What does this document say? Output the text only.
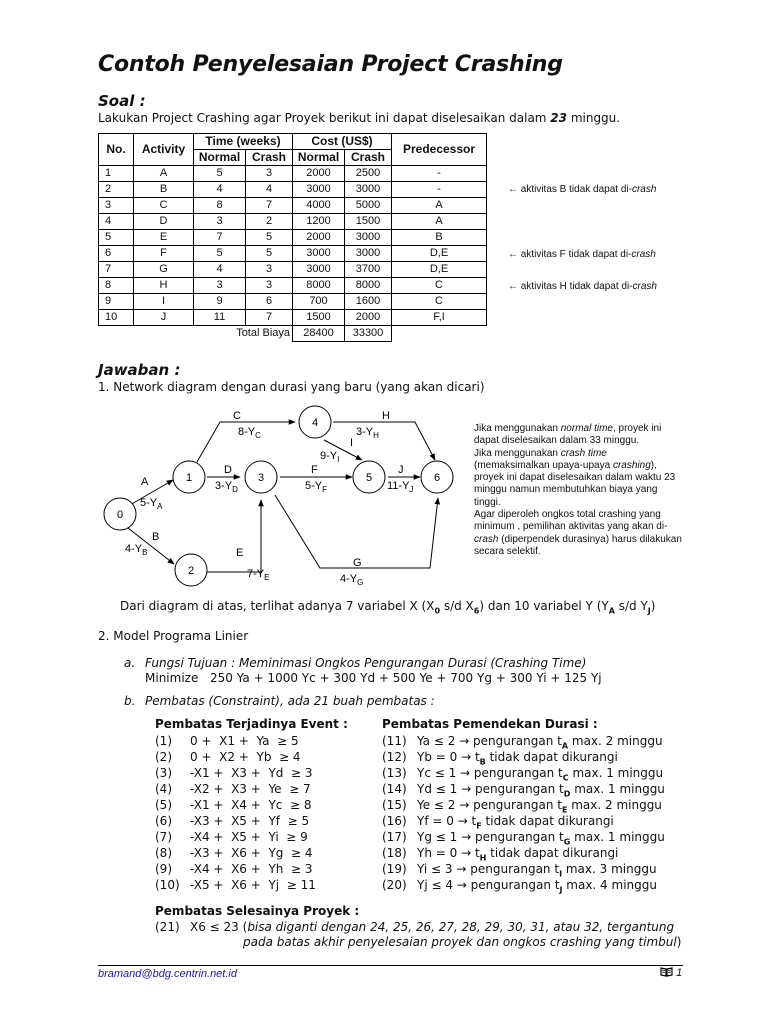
Contoh Penyelesaian Project Crashing
Soal :
Lakukan Project Crashing agar Proyek berikut ini dapat diselesaikan dalam 23 minggu.
No.	Activity	Time (weeks)		Cost (US$)		Predecessor
		Normal	Crash	Normal	Crash	
1	A	5	3	2000	2500	-
2	B	4	4	3000	3000	-
3	C	8	7	4000	5000	A
4	D	3	2	1200	1500	A
5	E	7	5	2000	3000	B
6	F	5	5	3000	3000	D,E
7	G	4	3	3000	3700	D,E
8	H	3	3	8000	8000	C
9	I	9	6	700	1600	C
10	J	11	7	1500	2000	F,I
		Total Biaya		28400	33300	
← aktivitas B tidak dapat di-crash
← aktivitas F tidak dapat di-crash
← aktivitas H tidak dapat di-crash
Jawaban :
1. Network diagram dengan durasi yang baru (yang akan dicari)
0
1
2
3
4
5	6
A
B
C
D
E
F
G
H
I
J
$5-Y_A$
$4-Y_B$
$8-Y_C$
$3-Y_D$
$7-Y_E$
$5-Y_F$
$4-Y_G$
$3-Y_H$
$9-Y_I$
$11-Y_J$
Jika menggunakan normal time, proyek ini dapat diselesaikan dalam 33 minggu.
Jika menggunakan crash time (memaksimalkan upaya-upaya crashing), proyek ini dapat diselesaikan dalam waktu 23 minggu namun membutuhkan biaya yang tinggi.
Agar diperoleh ongkos total crashing yang minimum , pemilihan aktivitas yang akan di-crash (diperpendek durasinya) harus dilakukan secara selektif.
Dari diagram di atas, terlihat adanya 7 variabel X ($X_0$ s/d $X_6$) dan 10 variabel Y ($Y_A$ s/d $Y_J$)
2. Model Programa Linier
a. Fungsi Tujuan : Meminimasi Ongkos Pengurangan Durasi (Crashing Time)
Minimize 250 Ya + 1000 Yc + 300 Yd + 500 Ye + 700 Yg + 300 Yi + 125 Yj
b. Pembatas (Constraint), ada 21 buah pembatas :
Pembatas Terjadinya Event :	Pembatas Pemendekan Durasi :
(1) 0 +  X1 +  Ya  ≥ 5
(2) 0 +  X2 +  Yb  ≥ 4
(3) -X1 +  X3 +  Yd  ≥ 3
(4) -X2 +  X3 +  Ye  ≥ 7
(5) -X1 +  X4 +  Yc  ≥ 8
(6) -X3 +  X5 +  Yf  ≥ 5
(7) -X4 +  X5 +  Yi  ≥ 9
(8) -X3 +  X6 +  Yg  ≥ 4
(9) -X4 +  X6 +  Yh  ≥ 3
(10) -X5 +  X6 +  Yj  ≥ 11
(11) Ya ≤ 2 → pengurangan $t_A$ max. 2 minggu
(12) $Yb = 0 \to t_B$ tidak dapat dikurangi
(13) Yc ≤ 1 → pengurangan $t_C$ max. 1 minggu
(14) Yd ≤ 1 → pengurangan $t_D$ max. 1 minggu
(15) Ye ≤ 2 → pengurangan $t_E$ max. 2 minggu
(16) $Yf = 0 \to t_F$ tidak dapat dikurangi
(17) Yg ≤ 1 → pengurangan $t_G$ max. 1 minggu
(18) $Yh = 0 \to t_H$ tidak dapat dikurangi
(19) Yi ≤ 3 → pengurangan $t_I$ max. 3 minggu
(20) Yj ≤ 4 → pengurangan $t_J$ max. 4 minggu
Pembatas Selesainya Proyek :
(21) X6 ≤ 23 (bisa diganti dengan 24, 25, 26, 27, 28, 29, 30, 31, atau 32, tergantung
pada batas akhir penyelesaian proyek dan ongkos crashing yang timbul)
bramand@bdg.centrin.net.id	1
